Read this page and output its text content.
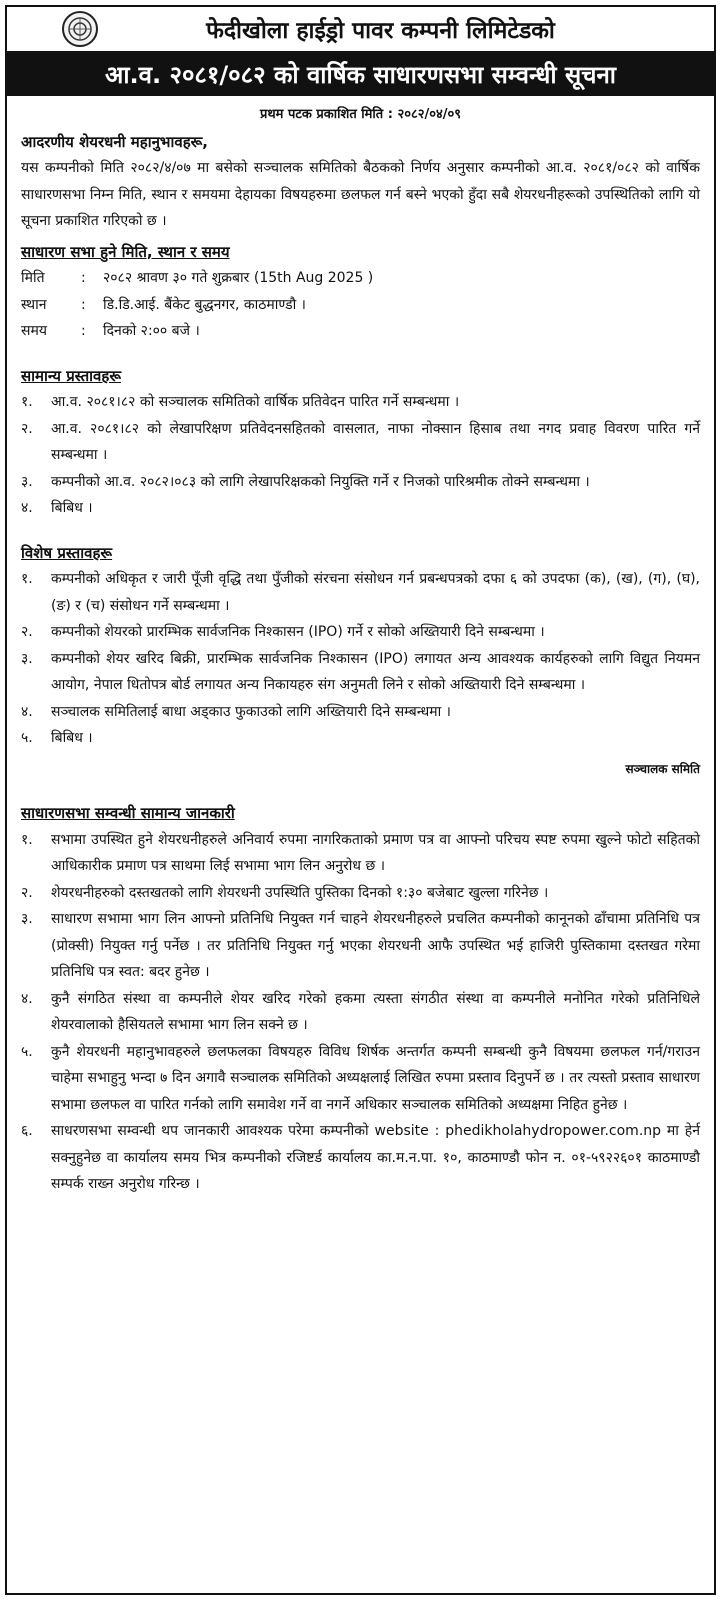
फेदीखोला हाईड्रो पावर कम्पनी लिमिटेडको
आ.व. २०८१/०८२ को वार्षिक साधारणसभा सम्वन्धी सूचना
प्रथम पटक प्रकाशित मिति : २०८२/०४/०९
आदरणीय शेयरधनी महानुभावहरू,
यस कम्पनीको मिति २०८२/४/०७ मा बसेको सञ्चालक समितिको बैठकको निर्णय अनुसार कम्पनीको आ.व. २०८१/०८२ को वार्षिक साधारणसभा निम्न मिति, स्थान र समयमा देहायका विषयहरुमा छलफल गर्न बस्ने भएको हुँदा सबै शेयरधनीहरूको उपस्थितिको लागि यो सूचना प्रकाशित गरिएको छ ।
साधारण सभा हुने मिति, स्थान र समय
मिति	:	२०८२ श्रावण ३० गते शुक्रबार (15th Aug 2025 )
स्थान	:	डि.डि.आई. बैंकेट बुद्धनगर, काठमाण्डौ ।
समय	:	दिनको २:०० बजे ।
सामान्य प्रस्तावहरू
१.	आ.व. २०८१।८२ को सञ्चालक समितिको वार्षिक प्रतिवेदन पारित गर्ने सम्बन्धमा ।
२.	आ.व. २०८१।८२ को लेखापरिक्षण प्रतिवेदनसहितको वासलात, नाफा नोक्सान हिसाब तथा नगद प्रवाह विवरण पारित गर्ने सम्बन्धमा ।
३.	कम्पनीको आ.व. २०८२।०८३ को लागि लेखापरिक्षकको नियुक्ति गर्ने र निजको पारिश्रमीक तोक्ने सम्बन्धमा ।
४.	बिबिध ।
विशेष प्रस्तावहरू
१.	कम्पनीको अधिकृत र जारी पूँजी वृद्धि तथा पुँजीको संरचना संसोधन गर्न प्रबन्धपत्रको दफा ६ को उपदफा (क), (ख), (ग), (घ), (ङ) र (च) संसोधन गर्ने सम्बन्धमा ।
२.	कम्पनीको शेयरको प्रारम्भिक सार्वजनिक निश्कासन (IPO) गर्ने र सोको अख्तियारी दिने सम्बन्धमा ।
३.	कम्पनीको शेयर खरिद बिक्री, प्रारम्भिक सार्वजनिक निश्कासन (IPO) लगायत अन्य आवश्यक कार्यहरुको लागि विद्युत नियमन आयोग, नेपाल धितोपत्र बोर्ड लगायत अन्य निकायहरु संग अनुमती लिने र सोको अख्तियारी दिने सम्बन्धमा ।
४.	सञ्चालक समितिलाई बाधा अड्काउ फुकाउको लागि अख्तियारी दिने सम्बन्धमा ।
५.	बिबिध ।
सञ्चालक समिति
साधारणसभा सम्वन्धी सामान्य जानकारी
१.	सभामा उपस्थित हुने शेयरधनीहरुले अनिवार्य रुपमा नागरिकताको प्रमाण पत्र वा आफ्नो परिचय स्पष्ट रुपमा खुल्ने फोटो सहितको आधिकारीक प्रमाण पत्र साथमा लिई सभामा भाग लिन अनुरोध छ ।
२.	शेयरधनीहरुको दस्तखतको लागि शेयरधनी उपस्थिति पुस्तिका दिनको १:३० बजेबाट खुल्ला गरिनेछ ।
३.	साधारण सभामा भाग लिन आफ्नो प्रतिनिधि नियुक्त गर्न चाहने शेयरधनीहरुले प्रचलित कम्पनीको कानूनको ढाँचामा प्रतिनिधि पत्र (प्रोक्सी) नियुक्त गर्नु पर्नेछ । तर प्रतिनिधि नियुक्त गर्नु भएका शेयरधनी आफै उपस्थित भई हाजिरी पुस्तिकामा दस्तखत गरेमा प्रतिनिधि पत्र स्वत: बदर हुनेछ ।
४.	कुनै संगठित संस्था वा कम्पनीले शेयर खरिद गरेको हकमा त्यस्ता संगठीत संस्था वा कम्पनीले मनोनित गरेको प्रतिनिधिले शेयरवालाको हैसियतले सभामा भाग लिन सक्ने छ ।
५.	कुनै शेयरधनी महानुभावहरुले छलफलका विषयहरु विविध शिर्षक अन्तर्गत कम्पनी सम्बन्धी कुनै विषयमा छलफल गर्न/गराउन चाहेमा सभाहुनु भन्दा ७ दिन अगावै सञ्चालक समितिको अध्यक्षलाई लिखित रुपमा प्रस्ताव दिनुपर्ने छ । तर त्यस्तो प्रस्ताव साधारण सभामा छलफल वा पारित गर्नको लागि समावेश गर्ने वा नगर्ने अधिकार सञ्चालक समितिको अध्यक्षमा निहित हुनेछ ।
६.	साधरणसभा सम्वन्धी थप जानकारी आवश्यक परेमा कम्पनीको website : phedikholahydropower.com.np मा हेर्न सक्नुहुनेछ वा कार्यालय समय भित्र कम्पनीको रजिष्टर्ड कार्यालय का.म.न.पा. १०, काठमाण्डौ फोन न. ०१-५९२२६०१ काठमाण्डौ सम्पर्क राख्न अनुरोध गरिन्छ ।
